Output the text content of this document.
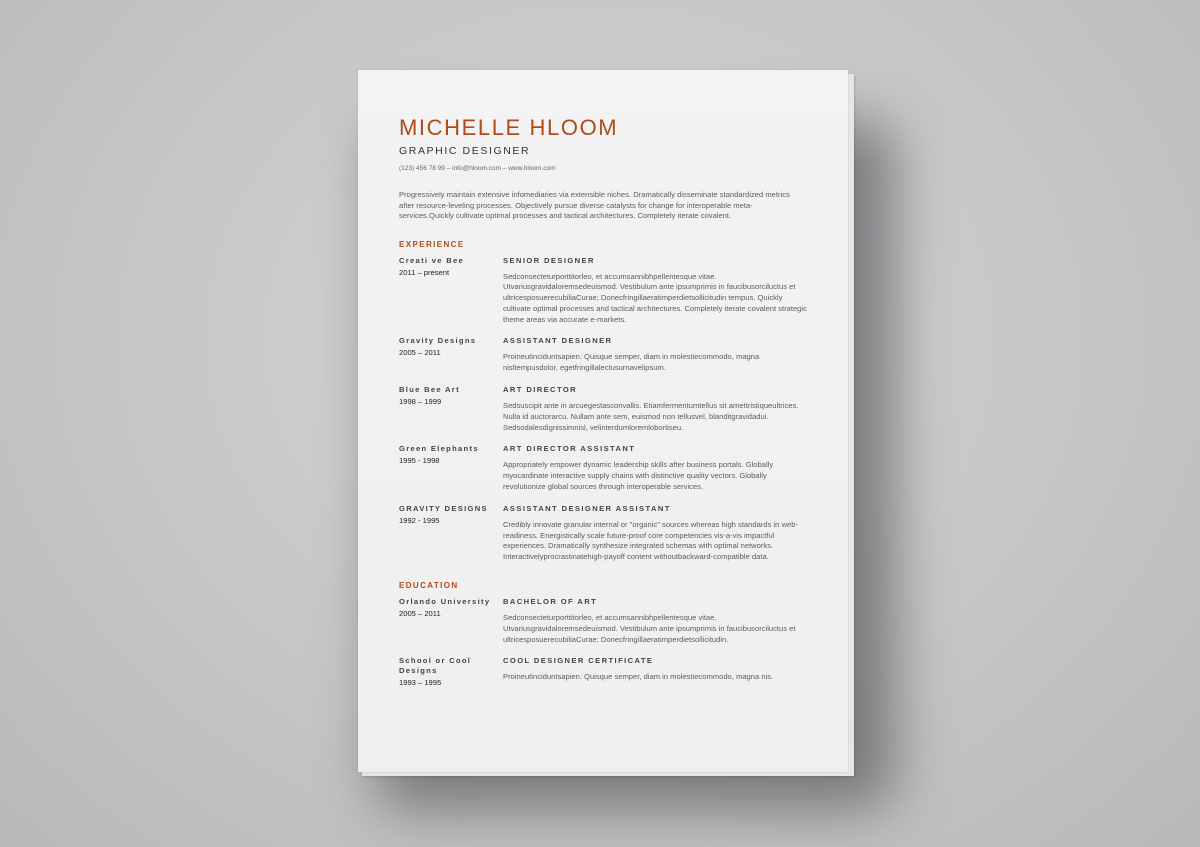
MICHELLE HLOOM
GRAPHIC DESIGNER
(123) 456 78 99 – info@hloom.com – www.hloom.com
Progressively maintain extensive infomediaries via extensible niches. Dramatically disseminate standardized metrics after resource-leveling processes. Objectively pursue diverse catalysts for change for interoperable meta-services.Quickly cultivate optimal processes and tactical architectures. Completely iterate covalent.
EXPERIENCE
Creati ve Bee
2011 – present
SENIOR DESIGNER
Sedconsecteturporttitorleo, et accumsannibhpellentesque vitae. Utvariusgravidaloremsedeuismod. Vestibulum ante ipsumprimis in faucibusorciluctus et ultricesposuerecubiliaCurae; Donecfringillaeratimperdietsollicitudin tempus. Quickly cultivate optimal processes and tactical architectures. Completely iterate covalent strategic theme areas via accurate e-markets.
Gravity Designs
2005 – 2011
ASSISTANT DESIGNER
Proineutinciduntsapien. Quisque semper, diam in molestiecommodo, magna nisltempusdolor, egetfringillalectusurnavelipsum.
Blue Bee Art
1998 – 1999
ART DIRECTOR
Sedsuscipit ante in arcuegestasconvallis. Etiamfermentumtellus sit amettristiqueultrices. Nulla id auctorarcu. Nullam ante sem, euismod non tellusvel, blanditgravidadui. Sedsodalesdignissimnisl, velinterdumloremlobortiseu.
Green Elephants
1995 - 1998
ART DIRECTOR ASSISTANT
Appropriately empower dynamic leadership skills after business portals. Globally myocardinate interactive supply chains with distinctive quality vectors. Globally revolutionize global sources through interoperable services.
GRAVITY DESIGNS
1992 - 1995
ASSISTANT DESIGNER ASSISTANT
Credibly innovate granular internal or "organic" sources whereas high standards in web-readiness. Energistically scale future-proof core competencies vis-a-vis impactful experiences. Dramatically synthesize integrated schemas with optimal networks. Interactivelyprocrastinatehigh-payoff content withoutbackward-compatible data.
EDUCATION
Orlando University
2005 – 2011
BACHELOR OF ART
Sedconsecteturporttitorleo, et accumsannibhpellentesque vitae. Utvariusgravidaloremsedeuismod. Vestibulum ante ipsumprimis in faucibusorciluctus et ultricesposuerecubiliaCurae; Donecfringillaeratimperdietsollicitudin.
School or Cool Designs
1993 – 1995
COOL DESIGNER CERTIFICATE
Proineutinciduntsapien. Quisque semper, diam in molestiecommodo, magna nis.
